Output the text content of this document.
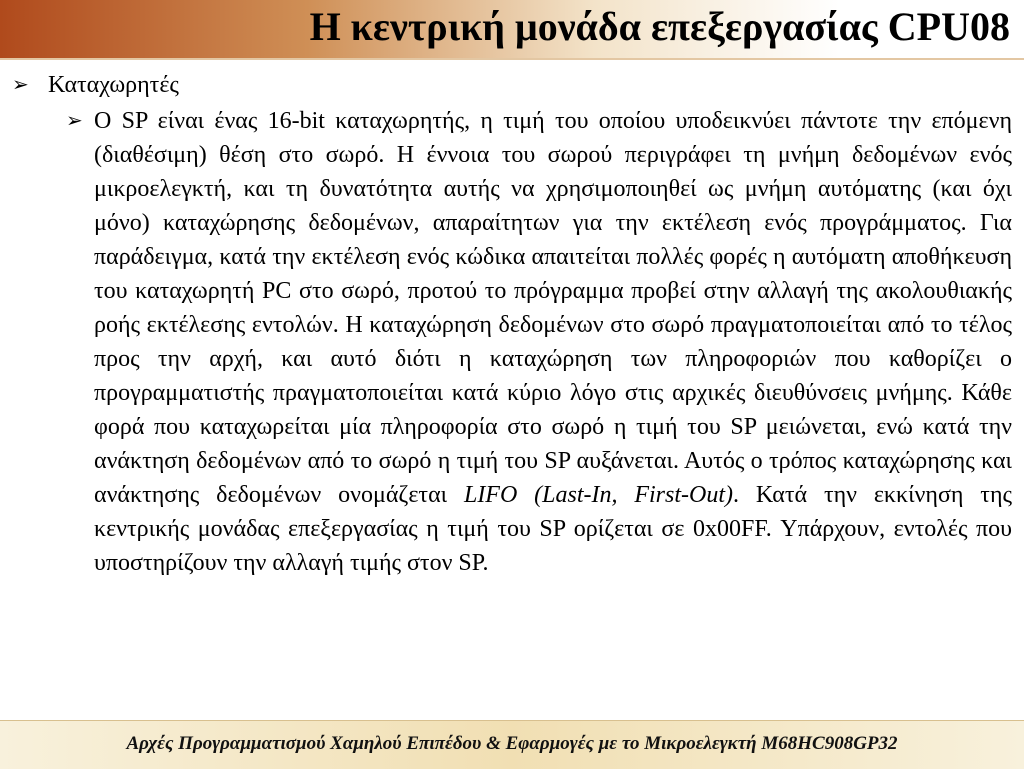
Η κεντρική μονάδα επεξεργασίας CPU08
➢ Καταχωρητές
➢ Ο SP είναι ένας 16-bit καταχωρητής, η τιμή του οποίου υποδεικνύει πάντοτε την επόμενη (διαθέσιμη) θέση στο σωρό. Η έννοια του σωρού περιγράφει τη μνήμη δεδομένων ενός μικροελεγκτή, και τη δυνατότητα αυτής να χρησιμοποιηθεί ως μνήμη αυτόματης (και όχι μόνο) καταχώρησης δεδομένων, απαραίτητων για την εκτέλεση ενός προγράμματος. Για παράδειγμα, κατά την εκτέλεση ενός κώδικα απαιτείται πολλές φορές η αυτόματη αποθήκευση του καταχωρητή PC στο σωρό, προτού το πρόγραμμα προβεί στην αλλαγή της ακολουθιακής ροής εκτέλεσης εντολών. Η καταχώρηση δεδομένων στο σωρό πραγματοποιείται από το τέλος προς την αρχή, και αυτό διότι η καταχώρηση των πληροφοριών που καθορίζει ο προγραμματιστής πραγματοποιείται κατά κύριο λόγο στις αρχικές διευθύνσεις μνήμης. Κάθε φορά που καταχωρείται μία πληροφορία στο σωρό η τιμή του SP μειώνεται, ενώ κατά την ανάκτηση δεδομένων από το σωρό η τιμή του SP αυξάνεται. Αυτός ο τρόπος καταχώρησης και ανάκτησης δεδομένων ονομάζεται LIFO (Last-In, First-Out). Κατά την εκκίνηση της κεντρικής μονάδας επεξεργασίας η τιμή του SP ορίζεται σε 0x00FF. Υπάρχουν, εντολές που υποστηρίζουν την αλλαγή τιμής στον SP.
Αρχές Προγραμματισμού Χαμηλού Επιπέδου & Εφαρμογές με το Μικροελεγκτή M68HC908GP32
